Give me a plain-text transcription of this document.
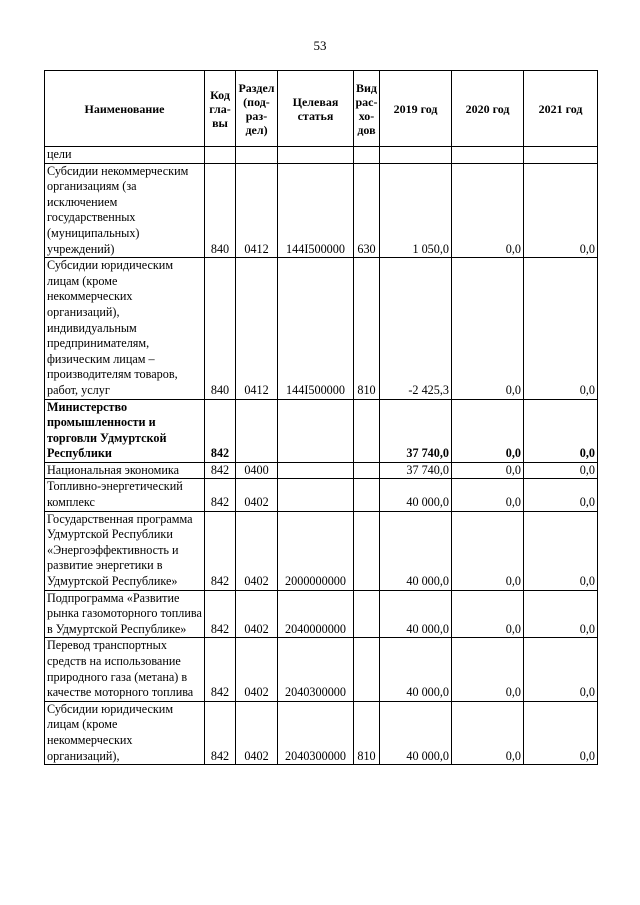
53
Наименование	Код гла- вы	Раздел (под- раз- дел)	Целевая статья	Вид рас- хо- дов	2019 год	2020 год	2021 год
цели							
Субсидии некоммерческим организациям (за исключением государственных (муниципальных) учреждений)	840	0412	144I500000	630	1 050,0	0,0	0,0
Субсидии юридическим лицам (кроме некоммерческих организаций), индивидуальным предпринимателям, физическим лицам – производителям товаров, работ, услуг	840	0412	144I500000	810	-2 425,3	0,0	0,0
Министерство промышленности и торговли Удмуртской Республики	842				37 740,0	0,0	0,0
Национальная экономика	842	0400			37 740,0	0,0	0,0
Топливно-энергетический комплекс	842	0402			40 000,0	0,0	0,0
Государственная программа Удмуртской Республики «Энергоэффективность и развитие энергетики в Удмуртской Республике»	842	0402	2000000000		40 000,0	0,0	0,0
Подпрограмма «Развитие рынка газомоторного топлива в Удмуртской Республике»	842	0402	2040000000		40 000,0	0,0	0,0
Перевод транспортных средств на использование природного газа (метана) в качестве моторного топлива	842	0402	2040300000		40 000,0	0,0	0,0
Субсидии юридическим лицам (кроме некоммерческих организаций),	842	0402	2040300000	810	40 000,0	0,0	0,0
